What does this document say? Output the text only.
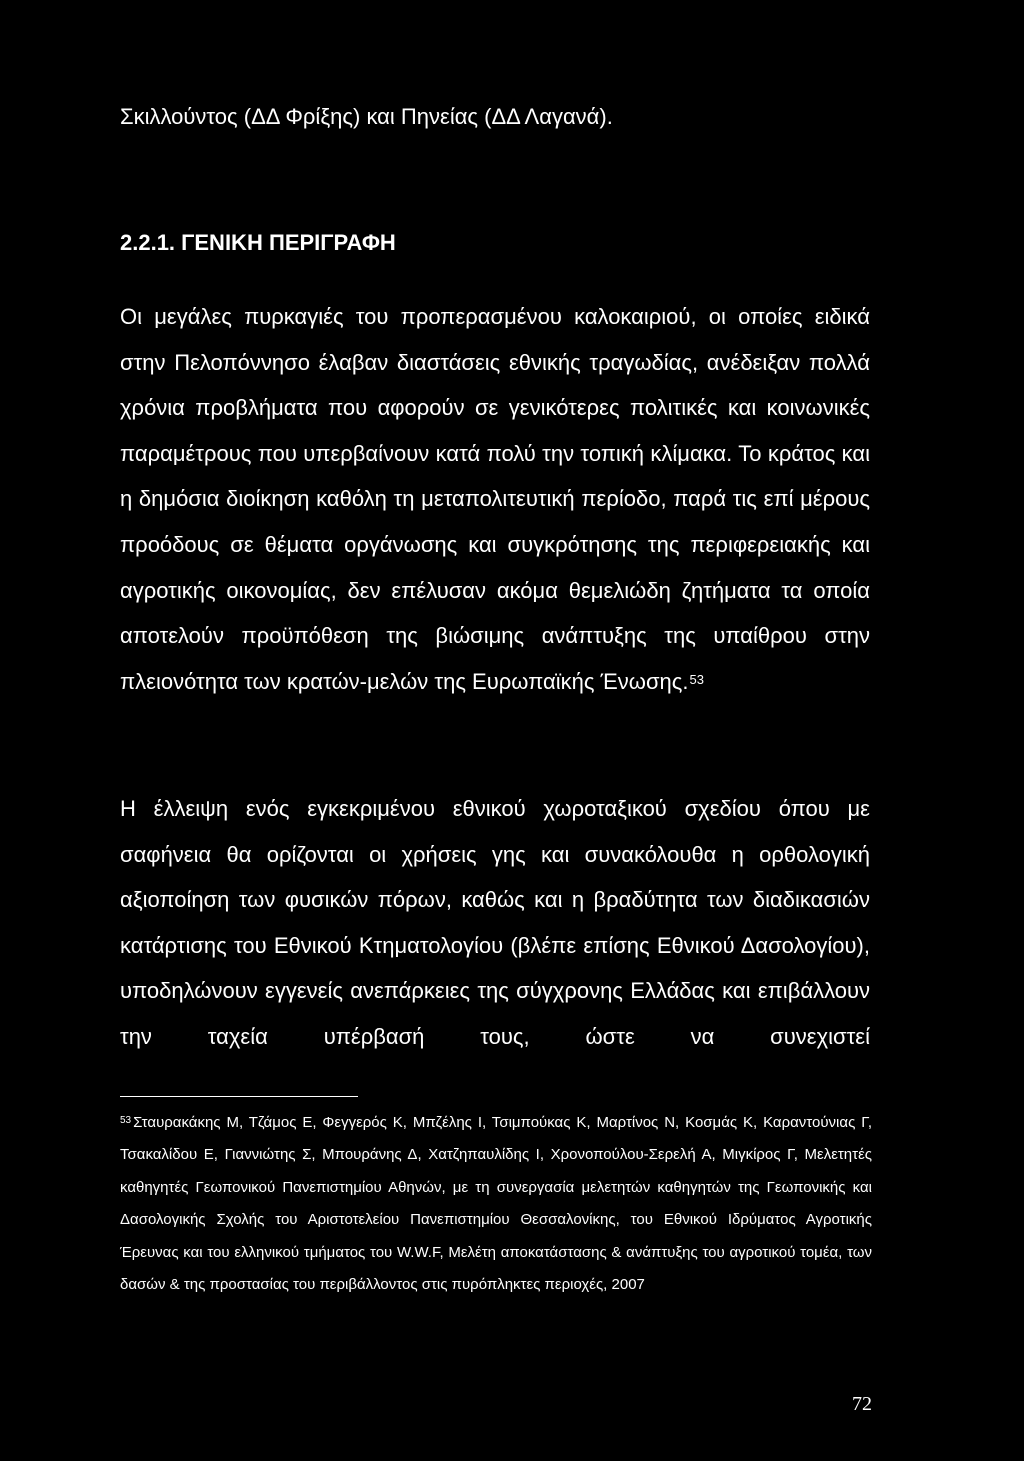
Σκιλλούντος (ΔΔ Φρίξης) και Πηνείας (ΔΔ Λαγανά).
2.2.1. ΓΕΝΙΚΗ ΠΕΡΙΓΡΑΦΗ

Οι μεγάλες πυρκαγιές του προπερασμένου καλοκαιριού, οι οποίες ειδικά στην Πελοπόννησο έλαβαν διαστάσεις εθνικής τραγωδίας, ανέδειξαν πολλά χρόνια προβλήματα που αφορούν σε γενικότερες πολιτικές και κοινωνικές παραμέτρους που υπερβαίνουν κατά πολύ την τοπική κλίμακα. Το κράτος και η δημόσια διοίκηση καθόλη τη μεταπολιτευτική περίοδο, παρά τις επί μέρους προόδους σε θέματα οργάνωσης και συγκρότησης της περιφερειακής και αγροτικής οικονομίας, δεν επέλυσαν ακόμα θεμελιώδη ζητήματα τα οποία αποτελούν προϋπόθεση της βιώσιμης ανάπτυξης της υπαίθρου στην πλειονότητα των κρατών-μελών της Ευρωπαϊκής Ένωσης.$^{53}$

Η έλλειψη ενός εγκεκριμένου εθνικού χωροταξικού σχεδίου όπου με σαφήνεια θα ορίζονται οι χρήσεις γης και συνακόλουθα η ορθολογική αξιοποίηση των φυσικών πόρων, καθώς και η βραδύτητα των διαδικασιών κατάρτισης του Εθνικού Κτηματολογίου (βλέπε επίσης Εθνικού Δασολογίου), υποδηλώνουν εγγενείς ανεπάρκειες της σύγχρονης Ελλάδας και επιβάλλουν την ταχεία υπέρβασή τους, ώστε να συνεχιστεί

$^{53}$ Σταυρακάκης Μ, Τζάμος Ε, Φεγγερός Κ, Μπζέλης Ι, Τσιμπούκας Κ, Μαρτίνος Ν, Κοσμάς Κ, Καραντούνιας Γ, Τσακαλίδου Ε, Γιαννιώτης Σ, Μπουράνης Δ, Χατζηπαυλίδης Ι, Χρονοπούλου-Σερελή Α, Μιγκίρος Γ, Μελετητές καθηγητές Γεωπονικού Πανεπιστημίου Αθηνών, με τη συνεργασία μελετητών καθηγητών της Γεωπονικής και Δασολογικής Σχολής του Αριστοτελείου Πανεπιστημίου Θεσσαλονίκης, του Εθνικού Ιδρύματος Αγροτικής Έρευνας και του ελληνικού τμήματος του W.W.F, Μελέτη αποκατάστασης & ανάπτυξης του αγροτικού τομέα, των δασών & της προστασίας του περιβάλλοντος στις πυρόπληκτες περιοχές, 2007

72
